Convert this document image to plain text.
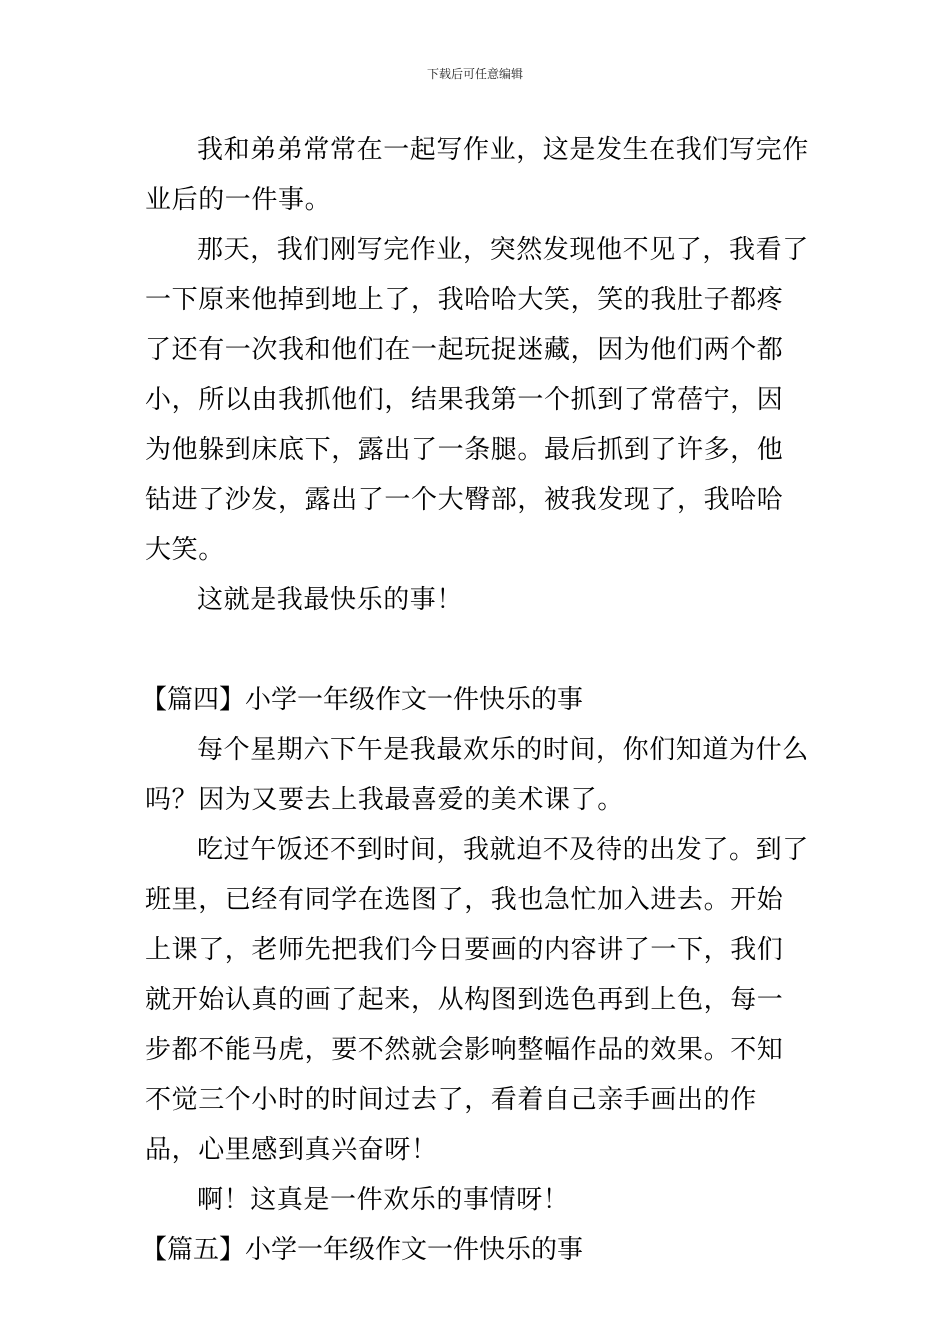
下载后可任意编辑

我和弟弟常常在一起写作业，这是发生在我们写完作业后的一件事。

那天，我们刚写完作业，突然发现他不见了，我看了一下原来他掉到地上了，我哈哈大笑，笑的我肚子都疼了还有一次我和他们在一起玩捉迷藏，因为他们两个都小，所以由我抓他们，结果我第一个抓到了常蓓宁，因为他躲到床底下，露出了一条腿。最后抓到了许多，他钻进了沙发，露出了一个大臀部，被我发现了，我哈哈大笑。

这就是我最快乐的事！

【篇四】小学一年级作文一件快乐的事

每个星期六下午是我最欢乐的时间，你们知道为什么吗？因为又要去上我最喜爱的美术课了。

吃过午饭还不到时间，我就迫不及待的出发了。到了班里，已经有同学在选图了，我也急忙加入进去。开始上课了，老师先把我们今日要画的内容讲了一下，我们就开始认真的画了起来，从构图到选色再到上色，每一步都不能马虎，要不然就会影响整幅作品的效果。不知不觉三个小时的时间过去了，看着自己亲手画出的作品，心里感到真兴奋呀！

啊！这真是一件欢乐的事情呀！

【篇五】小学一年级作文一件快乐的事
